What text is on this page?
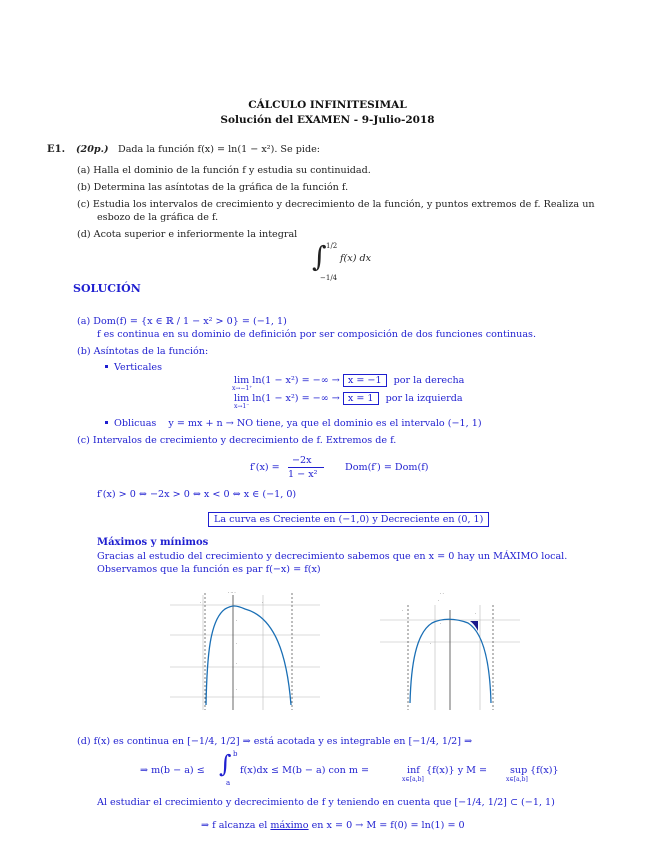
CÁLCULO INFINITESIMAL
Solución del EXAMEN - 9-Julio-2018
E1. (20p.) Dada la función f(x) = ln(1 − x²). Se pide:
(a) Halla el dominio de la función f y estudia su continuidad.
(b) Determina las asíntotas de la gráfica de la función f.
(c) Estudia los intervalos de crecimiento y decrecimiento de la función, y puntos extremos de f. Realiza un
esbozo de la gráfica de f.
(d) Acota superior e inferiormente la integral
∫ 1/2
−1/4
f(x) dx
SOLUCIÓN
(a) Dom(f) = {x ∈ ℝ / 1 − x² > 0} = (−1, 1)
f es continua en su dominio de definición por ser composición de dos funciones continuas.
(b) Asíntotas de la función:
Verticales
lim ln(1 − x²) = −∞ → x = −1 por la derecha
x→−1⁺
lim ln(1 − x²) = −∞ → x = 1 por la izquierda
x→1⁻
Oblicuas y = mx + n → NO tiene, ya que el dominio es el intervalo (−1, 1)
(c) Intervalos de crecimiento y decrecimiento de f. Extremos de f.
f′(x) =
−2x
1 − x²
Dom(f′) = Dom(f)
f′(x) > 0 ⇔ −2x > 0 ⇔ x < 0 ⇔ x ∈ (−1, 0)
La curva es Creciente en (−1,0) y Decreciente en (0, 1)
Máximos y mínimos
Gracias al estudio del crecimiento y decrecimiento sabemos que en x = 0 hay un MÁXIMO local.
Observamos que la función es par f(−x) = f(x)
· ·· ·
·	·
·
·
·
·
· ·
·
·
·
·
·
(d) f(x) es continua en [−1/4, 1/2] ⇒ está acotada y es integrable en [−1/4, 1/2] ⇒
⇒ m(b − a) ≤ ∫ b
a
f(x)dx ≤ M(b − a) con m =	inf
x∈[a,b]
{f(x)} y M = sup
x∈[a,b]
{f(x)}
Al estudiar el crecimiento y decrecimiento de f y teniendo en cuenta que [−1/4, 1/2] ⊂ (−1, 1)
⇒ f alcanza el máximo en x = 0 → M = f(0) = ln(1) = 0
